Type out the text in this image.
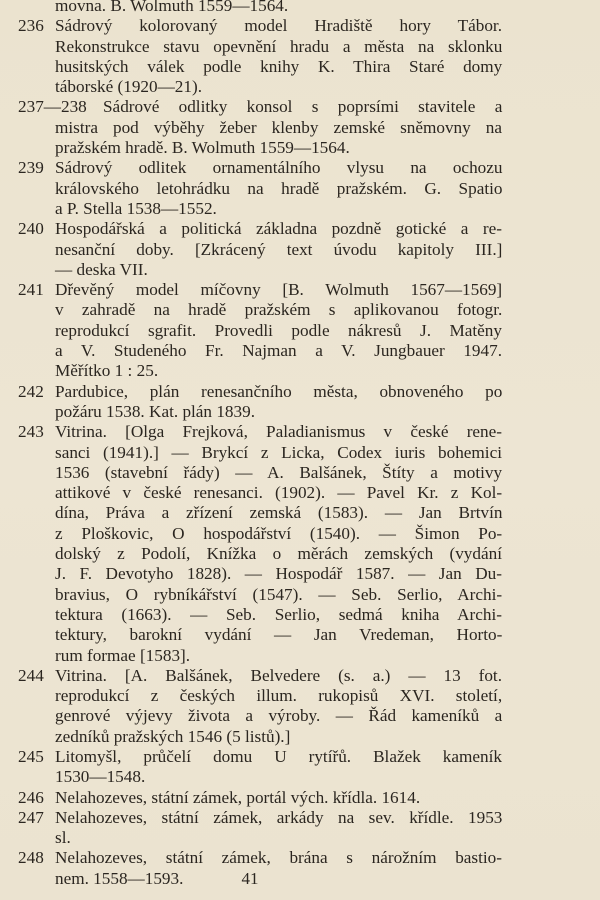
movna. B. Wolmuth 1559—1564.
236 Sádrový kolorovaný model Hradiště hory Tábor.
Rekonstrukce stavu opevnění hradu a města na sklonku
husitských válek podle knihy K. Thira Staré domy
táborské (1920—21).
237—238 Sádrové odlitky konsol s poprsími stavitele a
mistra pod výběhy žeber klenby zemské sněmovny na
pražském hradě. B. Wolmuth 1559—1564.
239 Sádrový odlitek ornamentálního vlysu na ochozu
královského letohrádku na hradě pražském. G. Spatio
a P. Stella 1538—1552.
240 Hospodářská a politická základna pozdně gotické a re-
nesanční doby. [Zkrácený text úvodu kapitoly III.]
— deska VII.
241 Dřevěný model míčovny [B. Wolmuth 1567—1569]
v zahradě na hradě pražském s aplikovanou fotogr.
reprodukcí sgrafit. Provedli podle nákresů J. Matěny
a V. Studeného Fr. Najman a V. Jungbauer 1947.
Měřítko 1 : 25.
242 Pardubice, plán renesančního města, obnoveného po
požáru 1538. Kat. plán 1839.
243 Vitrina. [Olga Frejková, Paladianismus v české rene-
sanci (1941).] — Brykcí z Licka, Codex iuris bohemici
1536 (stavební řády) — A. Balšánek, Štíty a motivy
attikové v české renesanci. (1902). — Pavel Kr. z Kol-
dína, Práva a zřízení zemská (1583). — Jan Brtvín
z Ploškovic, O hospodářství (1540). — Šimon Po-
dolský z Podolí, Knížka o měrách zemských (vydání
J. F. Devotyho 1828). — Hospodář 1587. — Jan Du-
bravius, O rybníkářství (1547). — Seb. Serlio, Archi-
tektura (1663). — Seb. Serlio, sedmá kniha Archi-
tektury, barokní vydání — Jan Vredeman, Horto-
rum formae [1583].
244 Vitrina. [A. Balšánek, Belvedere (s. a.) — 13 fot.
reprodukcí z českých illum. rukopisů XVI. století,
genrové výjevy života a výroby. — Řád kameníků a
zedníků pražských 1546 (5 listů).]
245 Litomyšl, průčelí domu U rytířů. Blažek kameník
1530—1548.
246 Nelahozeves, státní zámek, portál vých. křídla. 1614.
247 Nelahozeves, státní zámek, arkády na sev. křídle. 1953
sl.
248 Nelahozeves, státní zámek, brána s nárožním bastio-
nem. 1558—1593.	41
